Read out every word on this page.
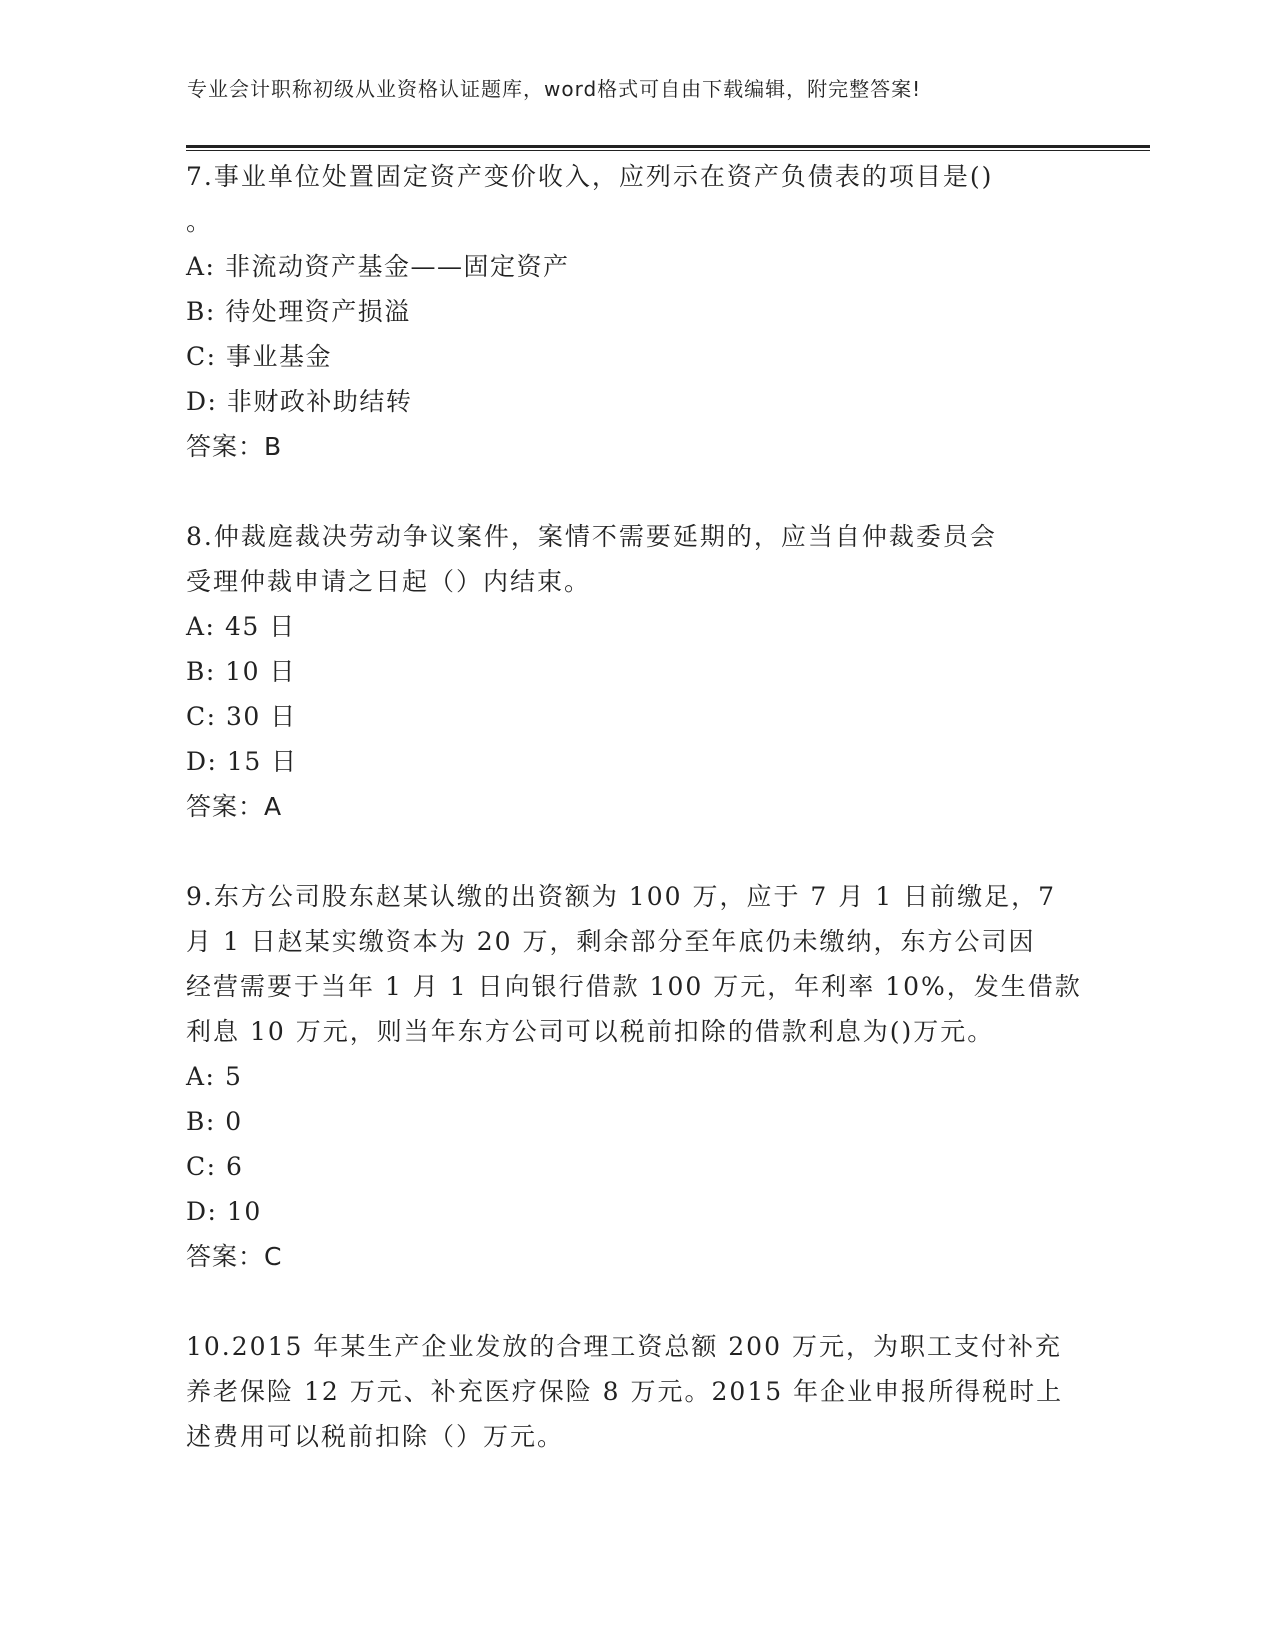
专业会计职称初级从业资格认证题库，word格式可自由下载编辑，附完整答案!
7.事业单位处置固定资产变价收入，应列示在资产负债表的项目是()
。
A: 非流动资产基金——固定资产
B: 待处理资产损溢
C: 事业基金
D: 非财政补助结转
答案：B
8.仲裁庭裁决劳动争议案件，案情不需要延期的，应当自仲裁委员会
受理仲裁申请之日起（）内结束。
A: 45 日
B: 10 日
C: 30 日
D: 15 日
答案：A
9.东方公司股东赵某认缴的出资额为 100 万，应于 7 月 1 日前缴足，7
月 1 日赵某实缴资本为 20 万，剩余部分至年底仍未缴纳，东方公司因
经营需要于当年 1 月 1 日向银行借款 100 万元，年利率 10%，发生借款
利息 10 万元，则当年东方公司可以税前扣除的借款利息为()万元。
A: 5
B: 0
C: 6
D: 10
答案：C
10.2015 年某生产企业发放的合理工资总额 200 万元，为职工支付补充
养老保险 12 万元、补充医疗保险 8 万元。2015 年企业申报所得税时上
述费用可以税前扣除（）万元。
